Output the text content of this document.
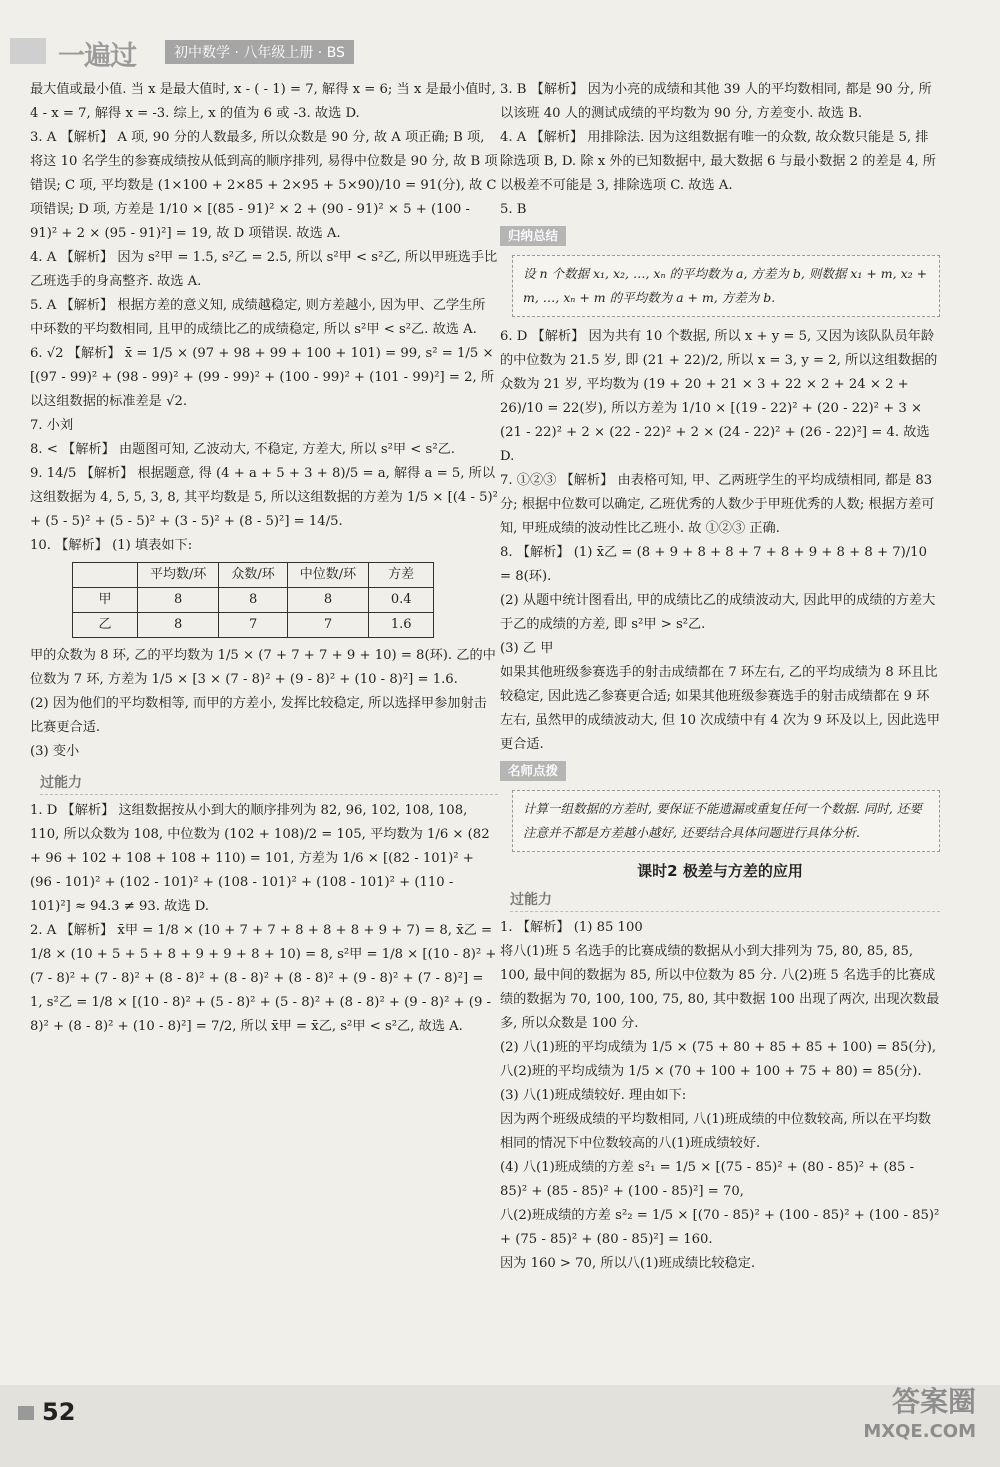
一遍过	初中数学 · 八年级上册 · BS

最大值或最小值. 当 x 是最大值时, x - ( - 1) = 7, 解得 x = 6; 当 x 是最小值时, 4 - x = 7, 解得 x = -3. 综上, x 的值为 6 或 -3. 故选 D.

3. A 【解析】 A 项, 90 分的人数最多, 所以众数是 90 分, 故 A 项正确; B 项, 将这 10 名学生的参赛成绩按从低到高的顺序排列, 易得中位数是 90 分, 故 B 项错误; C 项, 平均数是 (1×100 + 2×85 + 2×95 + 5×90)/10 = 91(分), 故 C 项错误; D 项, 方差是 1/10 × [(85 - 91)² × 2 + (90 - 91)² × 5 + (100 - 91)² + 2 × (95 - 91)²] = 19, 故 D 项错误. 故选 A.

4. A 【解析】 因为 s²甲 = 1.5, s²乙 = 2.5, 所以 s²甲 < s²乙, 所以甲班选手比乙班选手的身高整齐. 故选 A.

5. A 【解析】 根据方差的意义知, 成绩越稳定, 则方差越小, 因为甲、乙学生所中环数的平均数相同, 且甲的成绩比乙的成绩稳定, 所以 s²甲 < s²乙. 故选 A.

6. √2 【解析】 x̄ = 1/5 × (97 + 98 + 99 + 100 + 101) = 99, s² = 1/5 × [(97 - 99)² + (98 - 99)² + (99 - 99)² + (100 - 99)² + (101 - 99)²] = 2, 所以这组数据的标准差是 √2.

7. 小刘

8. < 【解析】 由题图可知, 乙波动大, 不稳定, 方差大, 所以 s²甲 < s²乙.

9. 14/5 【解析】 根据题意, 得 (4 + a + 5 + 3 + 8)/5 = a, 解得 a = 5, 所以这组数据为 4, 5, 5, 3, 8, 其平均数是 5, 所以这组数据的方差为 1/5 × [(4 - 5)² + (5 - 5)² + (5 - 5)² + (3 - 5)² + (8 - 5)²] = 14/5.

10. 【解析】 (1) 填表如下:

	平均数/环	众数/环	中位数/环	方差
甲	8	8	8	0.4
乙	8	7	7	1.6

甲的众数为 8 环, 乙的平均数为 1/5 × (7 + 7 + 7 + 9 + 10) = 8(环). 乙的中位数为 7 环, 方差为 1/5 × [3 × (7 - 8)² + (9 - 8)² + (10 - 8)²] = 1.6.

(2) 因为他们的平均数相等, 而甲的方差小, 发挥比较稳定, 所以选择甲参加射击比赛更合适.

(3) 变小

过能力

1. D 【解析】 这组数据按从小到大的顺序排列为 82, 96, 102, 108, 108, 110, 所以众数为 108, 中位数为 (102 + 108)/2 = 105, 平均数为 1/6 × (82 + 96 + 102 + 108 + 108 + 110) = 101, 方差为 1/6 × [(82 - 101)² + (96 - 101)² + (102 - 101)² + (108 - 101)² + (108 - 101)² + (110 - 101)²] ≈ 94.3 ≠ 93. 故选 D.

2. A 【解析】 x̄甲 = 1/8 × (10 + 7 + 7 + 8 + 8 + 8 + 9 + 7) = 8, x̄乙 = 1/8 × (10 + 5 + 5 + 8 + 9 + 9 + 8 + 10) = 8, s²甲 = 1/8 × [(10 - 8)² + (7 - 8)² + (7 - 8)² + (8 - 8)² + (8 - 8)² + (8 - 8)² + (9 - 8)² + (7 - 8)²] = 1, s²乙 = 1/8 × [(10 - 8)² + (5 - 8)² + (5 - 8)² + (8 - 8)² + (9 - 8)² + (9 - 8)² + (8 - 8)² + (10 - 8)²] = 7/2, 所以 x̄甲 = x̄乙, s²甲 < s²乙, 故选 A.

3. B 【解析】 因为小亮的成绩和其他 39 人的平均数相同, 都是 90 分, 所以该班 40 人的测试成绩的平均数为 90 分, 方差变小. 故选 B.

4. A 【解析】 用排除法. 因为这组数据有唯一的众数, 故众数只能是 5, 排除选项 B, D. 除 x 外的已知数据中, 最大数据 6 与最小数据 2 的差是 4, 所以极差不可能是 3, 排除选项 C. 故选 A.

5. B

归纳总结
设 n 个数据 x₁, x₂, …, xₙ 的平均数为 a, 方差为 b, 则数据 x₁ + m, x₂ + m, …, xₙ + m 的平均数为 a + m, 方差为 b.

6. D 【解析】 因为共有 10 个数据, 所以 x + y = 5, 又因为该队队员年龄的中位数为 21.5 岁, 即 (21 + 22)/2, 所以 x = 3, y = 2, 所以这组数据的众数为 21 岁, 平均数为 (19 + 20 + 21 × 3 + 22 × 2 + 24 × 2 + 26)/10 = 22(岁), 所以方差为 1/10 × [(19 - 22)² + (20 - 22)² + 3 × (21 - 22)² + 2 × (22 - 22)² + 2 × (24 - 22)² + (26 - 22)²] = 4. 故选 D.

7. ①②③ 【解析】 由表格可知, 甲、乙两班学生的平均成绩相同, 都是 83 分; 根据中位数可以确定, 乙班优秀的人数少于甲班优秀的人数; 根据方差可知, 甲班成绩的波动性比乙班小. 故 ①②③ 正确.

8. 【解析】 (1) x̄乙 = (8 + 9 + 8 + 8 + 7 + 8 + 9 + 8 + 8 + 7)/10 = 8(环).

(2) 从题中统计图看出, 甲的成绩比乙的成绩波动大, 因此甲的成绩的方差大于乙的成绩的方差, 即 s²甲 > s²乙.

(3) 乙 甲

如果其他班级参赛选手的射击成绩都在 7 环左右, 乙的平均成绩为 8 环且比较稳定, 因此选乙参赛更合适; 如果其他班级参赛选手的射击成绩都在 9 环左右, 虽然甲的成绩波动大, 但 10 次成绩中有 4 次为 9 环及以上, 因此选甲更合适.

名师点拨
计算一组数据的方差时, 要保证不能遗漏或重复任何一个数据. 同时, 还要注意并不都是方差越小越好, 还要结合具体问题进行具体分析.
课时2 极差与方差的应用
过能力

1. 【解析】 (1) 85 100

将八(1)班 5 名选手的比赛成绩的数据从小到大排列为 75, 80, 85, 85, 100, 最中间的数据为 85, 所以中位数为 85 分. 八(2)班 5 名选手的比赛成绩的数据为 70, 100, 100, 75, 80, 其中数据 100 出现了两次, 出现次数最多, 所以众数是 100 分.

(2) 八(1)班的平均成绩为 1/5 × (75 + 80 + 85 + 85 + 100) = 85(分),

八(2)班的平均成绩为 1/5 × (70 + 100 + 100 + 75 + 80) = 85(分).

(3) 八(1)班成绩较好. 理由如下:

因为两个班级成绩的平均数相同, 八(1)班成绩的中位数较高, 所以在平均数相同的情况下中位数较高的八(1)班成绩较好.

(4) 八(1)班成绩的方差 s²₁ = 1/5 × [(75 - 85)² + (80 - 85)² + (85 - 85)² + (85 - 85)² + (100 - 85)²] = 70,

八(2)班成绩的方差 s²₂ = 1/5 × [(70 - 85)² + (100 - 85)² + (100 - 85)² + (75 - 85)² + (80 - 85)²] = 160.

因为 160 > 70, 所以八(1)班成绩比较稳定.

52	答案圈
MXQE.COM
